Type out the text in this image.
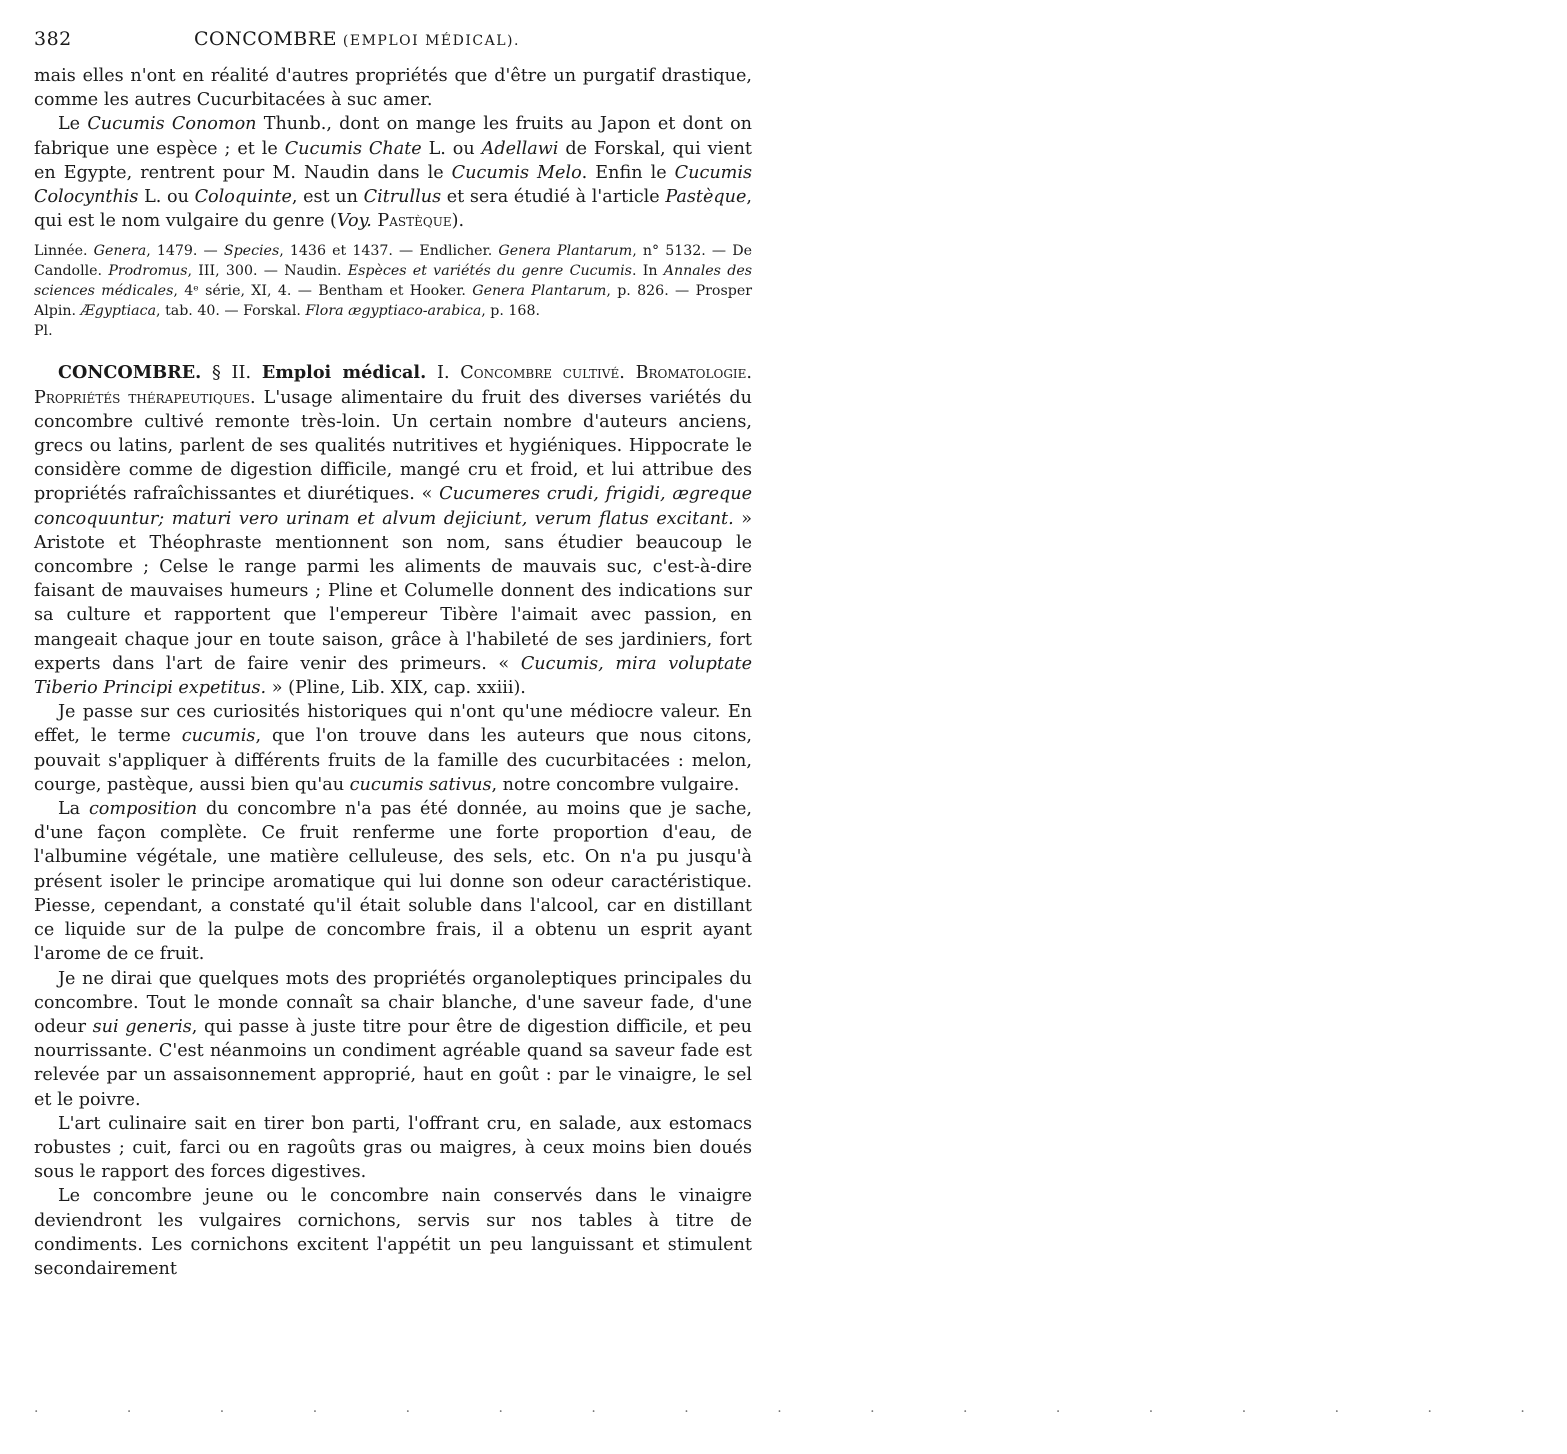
382	CONCOMBRE (EMPLOI MÉDICAL).

mais elles n'ont en réalité d'autres propriétés que d'être un purgatif drastique, comme les autres Cucurbitacées à suc amer.

Le Cucumis Conomon Thunb., dont on mange les fruits au Japon et dont on fabrique une espèce ; et le Cucumis Chate L. ou Adellawi de Forskal, qui vient en Egypte, rentrent pour M. Naudin dans le Cucumis Melo. Enfin le Cucumis Colocynthis L. ou Coloquinte, est un Citrullus et sera étudié à l'article Pastèque, qui est le nom vulgaire du genre (Voy. Pastèque).

Linnée. Genera, 1479. — Species, 1436 et 1437. — Endlicher. Genera Plantarum, n° 5132. — De Candolle. Prodromus, III, 300. — Naudin. Espèces et variétés du genre Cucumis. In Annales des sciences médicales, 4ᵉ série, XI, 4. — Bentham et Hooker. Genera Plantarum, p. 826. — Prosper Alpin. Ægyptiaca, tab. 40. — Forskal. Flora ægyptiaco-arabica, p. 168.

Pl.

CONCOMBRE. § II. Emploi médical. I. Concombre cultivé. Bromatologie. Propriétés thérapeutiques. L'usage alimentaire du fruit des diverses variétés du concombre cultivé remonte très-loin. Un certain nombre d'auteurs anciens, grecs ou latins, parlent de ses qualités nutritives et hygiéniques. Hippocrate le considère comme de digestion difficile, mangé cru et froid, et lui attribue des propriétés rafraîchissantes et diurétiques. « Cucumeres crudi, frigidi, ægreque concoquuntur; maturi vero urinam et alvum dejiciunt, verum flatus excitant. » Aristote et Théophraste mentionnent son nom, sans étudier beaucoup le concombre ; Celse le range parmi les aliments de mauvais suc, c'est-à-dire faisant de mauvaises humeurs ; Pline et Columelle donnent des indications sur sa culture et rapportent que l'empereur Tibère l'aimait avec passion, en mangeait chaque jour en toute saison, grâce à l'habileté de ses jardiniers, fort experts dans l'art de faire venir des primeurs. « Cucumis, mira voluptate Tiberio Principi expetitus. » (Pline, Lib. XIX, cap. xxiii).

Je passe sur ces curiosités historiques qui n'ont qu'une médiocre valeur. En effet, le terme cucumis, que l'on trouve dans les auteurs que nous citons, pouvait s'appliquer à différents fruits de la famille des cucurbitacées : melon, courge, pastèque, aussi bien qu'au cucumis sativus, notre concombre vulgaire.

La composition du concombre n'a pas été donnée, au moins que je sache, d'une façon complète. Ce fruit renferme une forte proportion d'eau, de l'albumine végétale, une matière celluleuse, des sels, etc. On n'a pu jusqu'à présent isoler le principe aromatique qui lui donne son odeur caractéristique. Piesse, cependant, a constaté qu'il était soluble dans l'alcool, car en distillant ce liquide sur de la pulpe de concombre frais, il a obtenu un esprit ayant l'arome de ce fruit.

Je ne dirai que quelques mots des propriétés organoleptiques principales du concombre. Tout le monde connaît sa chair blanche, d'une saveur fade, d'une odeur sui generis, qui passe à juste titre pour être de digestion difficile, et peu nourrissante. C'est néanmoins un condiment agréable quand sa saveur fade est relevée par un assaisonnement approprié, haut en goût : par le vinaigre, le sel et le poivre.

L'art culinaire sait en tirer bon parti, l'offrant cru, en salade, aux estomacs robustes ; cuit, farci ou en ragoûts gras ou maigres, à ceux moins bien doués sous le rapport des forces digestives.

Le concombre jeune ou le concombre nain conservés dans le vinaigre deviendront les vulgaires cornichons, servis sur nos tables à titre de condiments. Les cornichons excitent l'appétit un peu languissant et stimulent secondairement

· · · · · · · · · · · · · · · · ·
